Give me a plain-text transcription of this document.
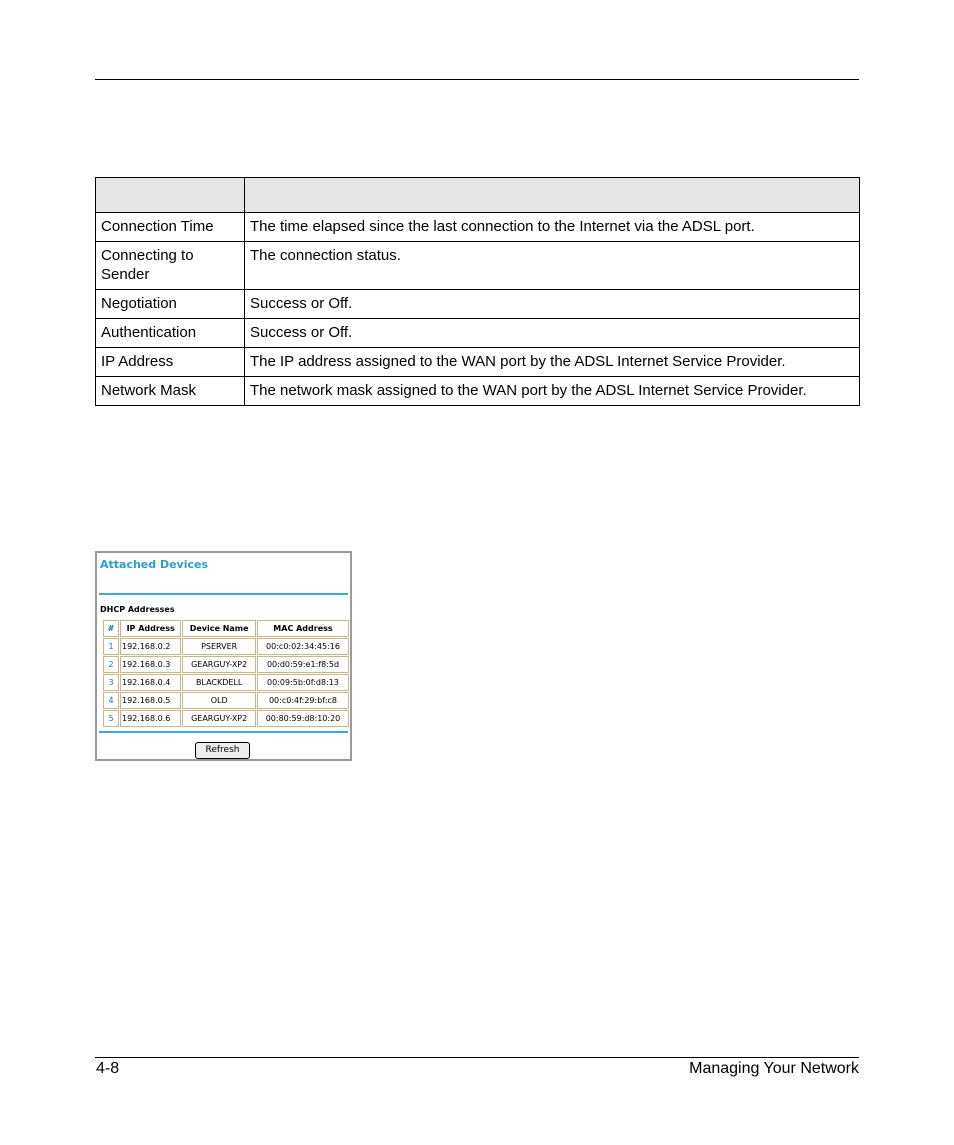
Connection Time	The time elapsed since the last connection to the Internet via the ADSL port.
Connecting to Sender	The connection status.
Negotiation	Success or Off.
Authentication	Success or Off.
IP Address	The IP address assigned to the WAN port by the ADSL Internet Service Provider.
Network Mask	The network mask assigned to the WAN port by the ADSL Internet Service Provider.
Attached Devices
DHCP Addresses
#	IP Address	Device Name	MAC Address
1	192.168.0.2	PSERVER	00:c0:02:34:45:16
2	192.168.0.3	GEARGUY-XP2	00:d0:59:e1:f8:5d
3	192.168.0.4	BLACKDELL	00:09:5b:0f:d8:13
4	192.168.0.5	OLD	00:c0:4f:29:bf:c8
5	192.168.0.6	GEARGUY-XP2	00:80:59:d8:10:20
Refresh
4-8	Managing Your Network
